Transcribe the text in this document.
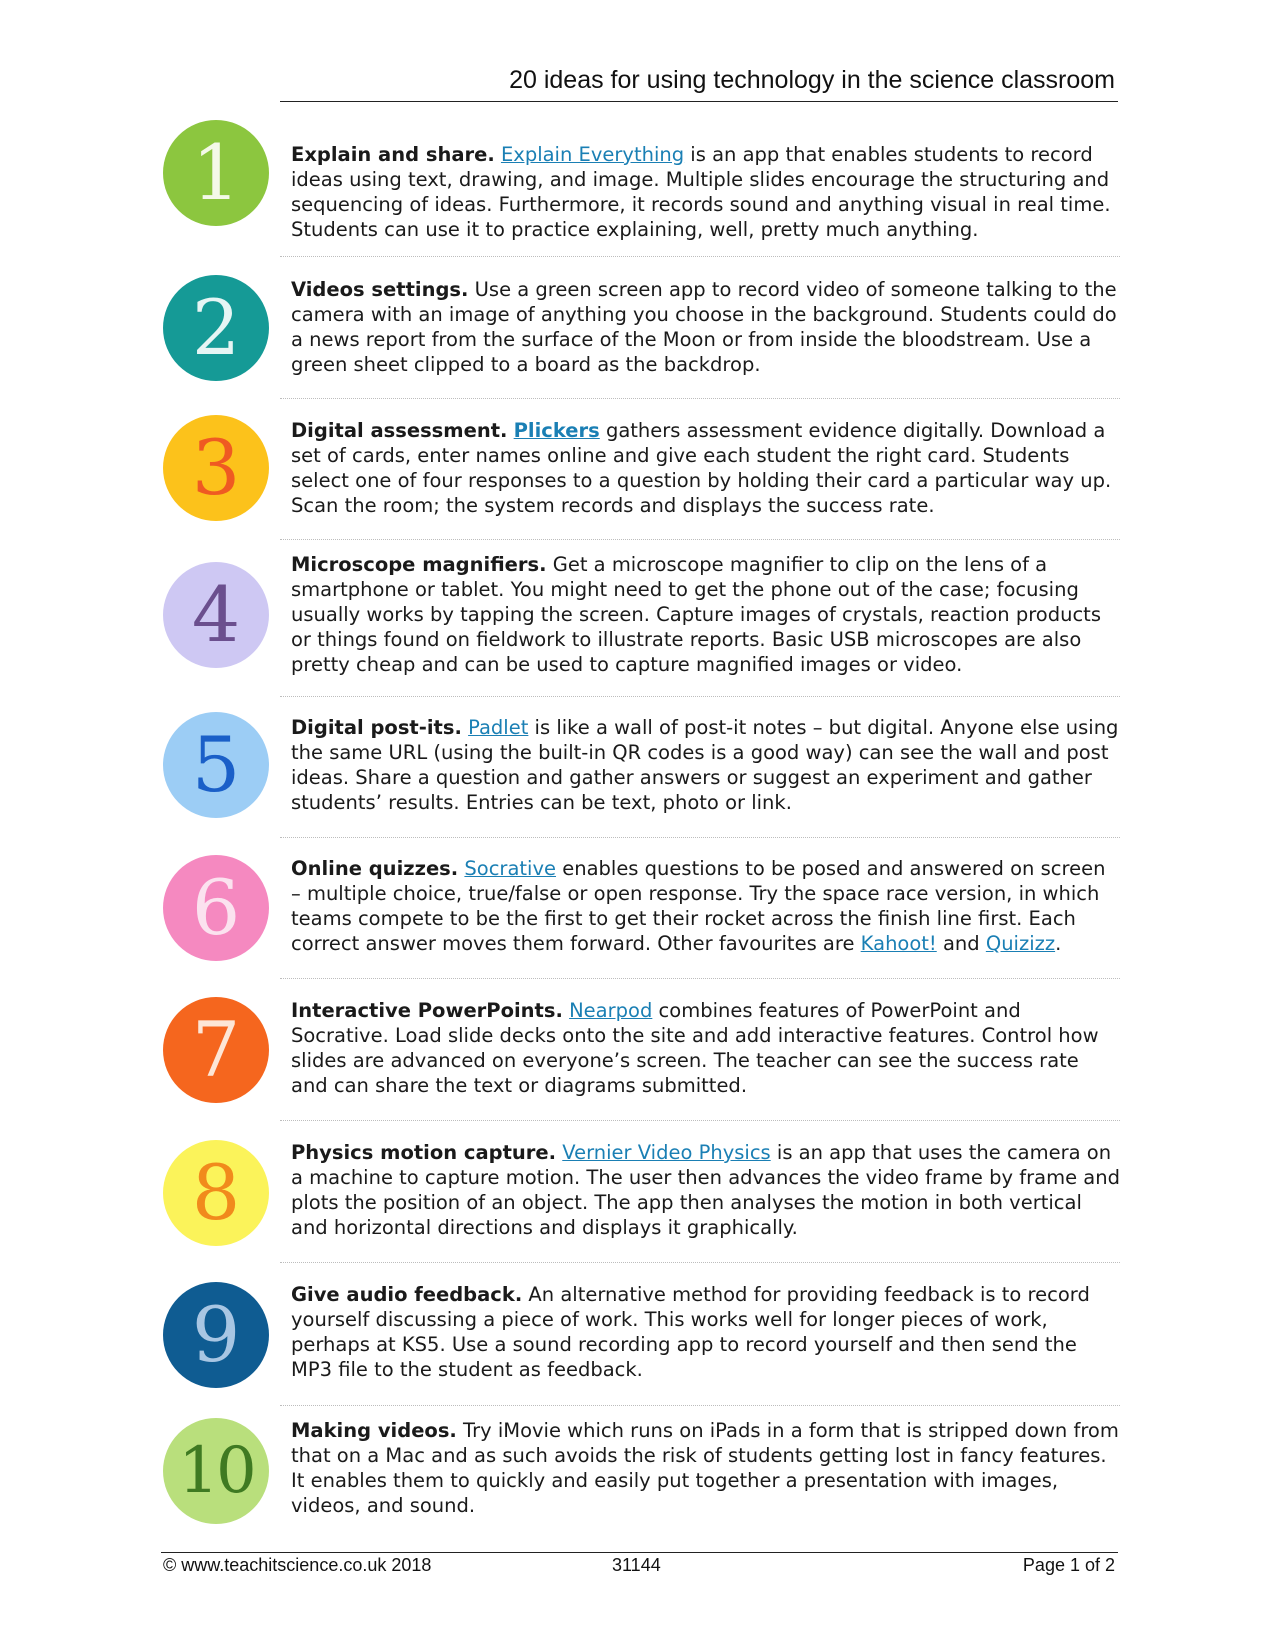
20 ideas for using technology in the science classroom
1	Explain and share. Explain Everything is an app that enables students to record ideas using text, drawing, and image. Multiple slides encourage the structuring and sequencing of ideas. Furthermore, it records sound and anything visual in real time. Students can use it to practice explaining, well, pretty much anything.
2	Videos settings. Use a green screen app to record video of someone talking to the camera with an image of anything you choose in the background. Students could do a news report from the surface of the Moon or from inside the bloodstream. Use a green sheet clipped to a board as the backdrop.
3	Digital assessment. Plickers gathers assessment evidence digitally. Download a set of cards, enter names online and give each student the right card. Students select one of four responses to a question by holding their card a particular way up. Scan the room; the system records and displays the success rate.
4
Microscope magnifiers. Get a microscope magnifier to clip on the lens of a smartphone or tablet. You might need to get the phone out of the case; focusing usually works by tapping the screen. Capture images of crystals, reaction products or things found on fieldwork to illustrate reports. Basic USB microscopes are also pretty cheap and can be used to capture magnified images or video.
5	Digital post-its. Padlet is like a wall of post-it notes – but digital. Anyone else using the same URL (using the built-in QR codes is a good way) can see the wall and post ideas. Share a question and gather answers or suggest an experiment and gather students’ results. Entries can be text, photo or link.
6	Online quizzes. Socrative enables questions to be posed and answered on screen – multiple choice, true/false or open response. Try the space race version, in which teams compete to be the first to get their rocket across the finish line first. Each correct answer moves them forward. Other favourites are Kahoot! and Quizizz.
7	Interactive PowerPoints. Nearpod combines features of PowerPoint and Socrative. Load slide decks onto the site and add interactive features. Control how slides are advanced on everyone’s screen. The teacher can see the success rate and can share the text or diagrams submitted.
8	Physics motion capture. Vernier Video Physics is an app that uses the camera on a machine to capture motion. The user then advances the video frame by frame and plots the position of an object. The app then analyses the motion in both vertical and horizontal directions and displays it graphically.
9	Give audio feedback. An alternative method for providing feedback is to record yourself discussing a piece of work. This works well for longer pieces of work, perhaps at KS5. Use a sound recording app to record yourself and then send the MP3 file to the student as feedback.
10
Making videos. Try iMovie which runs on iPads in a form that is stripped down from that on a Mac and as such avoids the risk of students getting lost in fancy features. It enables them to quickly and easily put together a presentation with images, videos, and sound.
© www.teachitscience.co.uk 2018	31144	Page 1 of 2
